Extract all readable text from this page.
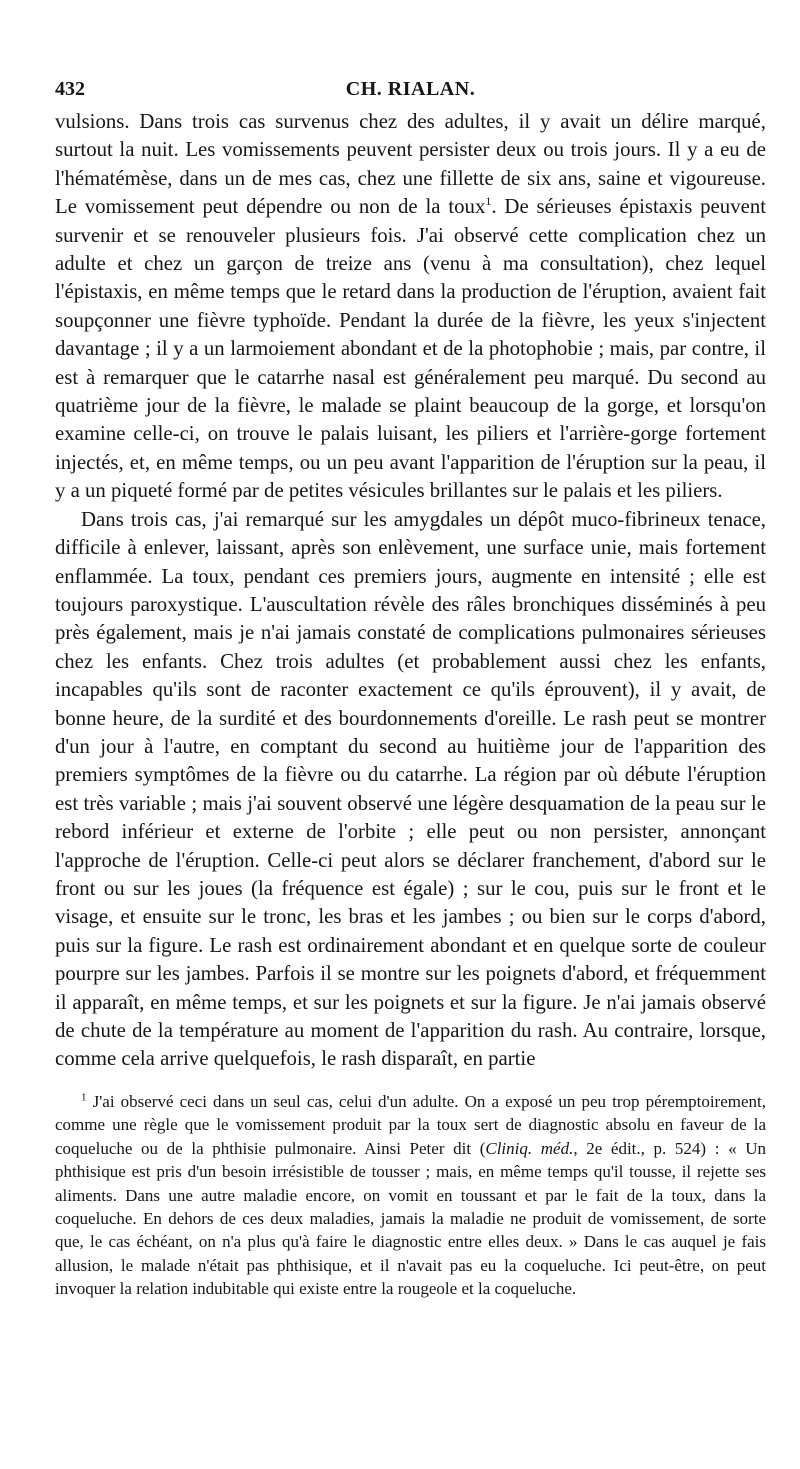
432	CH. RIALAN.

vulsions. Dans trois cas survenus chez des adultes, il y avait un délire marqué, surtout la nuit. Les vomissements peuvent persister deux ou trois jours. Il y a eu de l'hématémèse, dans un de mes cas, chez une fillette de six ans, saine et vigoureuse. Le vomissement peut dépendre ou non de la toux$^1$. De sérieuses épistaxis peuvent survenir et se renouveler plusieurs fois. J'ai observé cette complication chez un adulte et chez un garçon de treize ans (venu à ma consultation), chez lequel l'épistaxis, en même temps que le retard dans la production de l'éruption, avaient fait soupçonner une fièvre typhoïde. Pendant la durée de la fièvre, les yeux s'injectent davantage ; il y a un larmoiement abondant et de la photophobie ; mais, par contre, il est à remarquer que le catarrhe nasal est généralement peu marqué. Du second au quatrième jour de la fièvre, le malade se plaint beaucoup de la gorge, et lorsqu'on examine celle-ci, on trouve le palais luisant, les piliers et l'arrière-gorge fortement injectés, et, en même temps, ou un peu avant l'apparition de l'éruption sur la peau, il y a un piqueté formé par de petites vésicules brillantes sur le palais et les piliers.

Dans trois cas, j'ai remarqué sur les amygdales un dépôt muco-fibrineux tenace, difficile à enlever, laissant, après son enlèvement, une surface unie, mais fortement enflammée. La toux, pendant ces premiers jours, augmente en intensité ; elle est toujours paroxystique. L'auscultation révèle des râles bronchiques disséminés à peu près également, mais je n'ai jamais constaté de complications pulmonaires sérieuses chez les enfants. Chez trois adultes (et probablement aussi chez les enfants, incapables qu'ils sont de raconter exactement ce qu'ils éprouvent), il y avait, de bonne heure, de la surdité et des bourdonnements d'oreille. Le rash peut se montrer d'un jour à l'autre, en comptant du second au huitième jour de l'apparition des premiers symptômes de la fièvre ou du catarrhe. La région par où débute l'éruption est très variable ; mais j'ai souvent observé une légère desquamation de la peau sur le rebord inférieur et externe de l'orbite ; elle peut ou non persister, annonçant l'approche de l'éruption. Celle-ci peut alors se déclarer franchement, d'abord sur le front ou sur les joues (la fréquence est égale) ; sur le cou, puis sur le front et le visage, et ensuite sur le tronc, les bras et les jambes ; ou bien sur le corps d'abord, puis sur la figure. Le rash est ordinairement abondant et en quelque sorte de couleur pourpre sur les jambes. Parfois il se montre sur les poignets d'abord, et fréquemment il apparaît, en même temps, et sur les poignets et sur la figure. Je n'ai jamais observé de chute de la température au moment de l'apparition du rash. Au contraire, lorsque, comme cela arrive quelquefois, le rash disparaît, en partie

$^1$ J'ai observé ceci dans un seul cas, celui d'un adulte. On a exposé un peu trop péremptoirement, comme une règle que le vomissement produit par la toux sert de diagnostic absolu en faveur de la coqueluche ou de la phthisie pulmonaire. Ainsi Peter dit (Cliniq. méd., 2e édit., p. 524) : « Un phthisique est pris d'un besoin irrésistible de tousser ; mais, en même temps qu'il tousse, il rejette ses aliments. Dans une autre maladie encore, on vomit en toussant et par le fait de la toux, dans la coqueluche. En dehors de ces deux maladies, jamais la maladie ne produit de vomissement, de sorte que, le cas échéant, on n'a plus qu'à faire le diagnostic entre elles deux. » Dans le cas auquel je fais allusion, le malade n'était pas phthisique, et il n'avait pas eu la coqueluche. Ici peut-être, on peut invoquer la relation indubitable qui existe entre la rougeole et la coqueluche.
